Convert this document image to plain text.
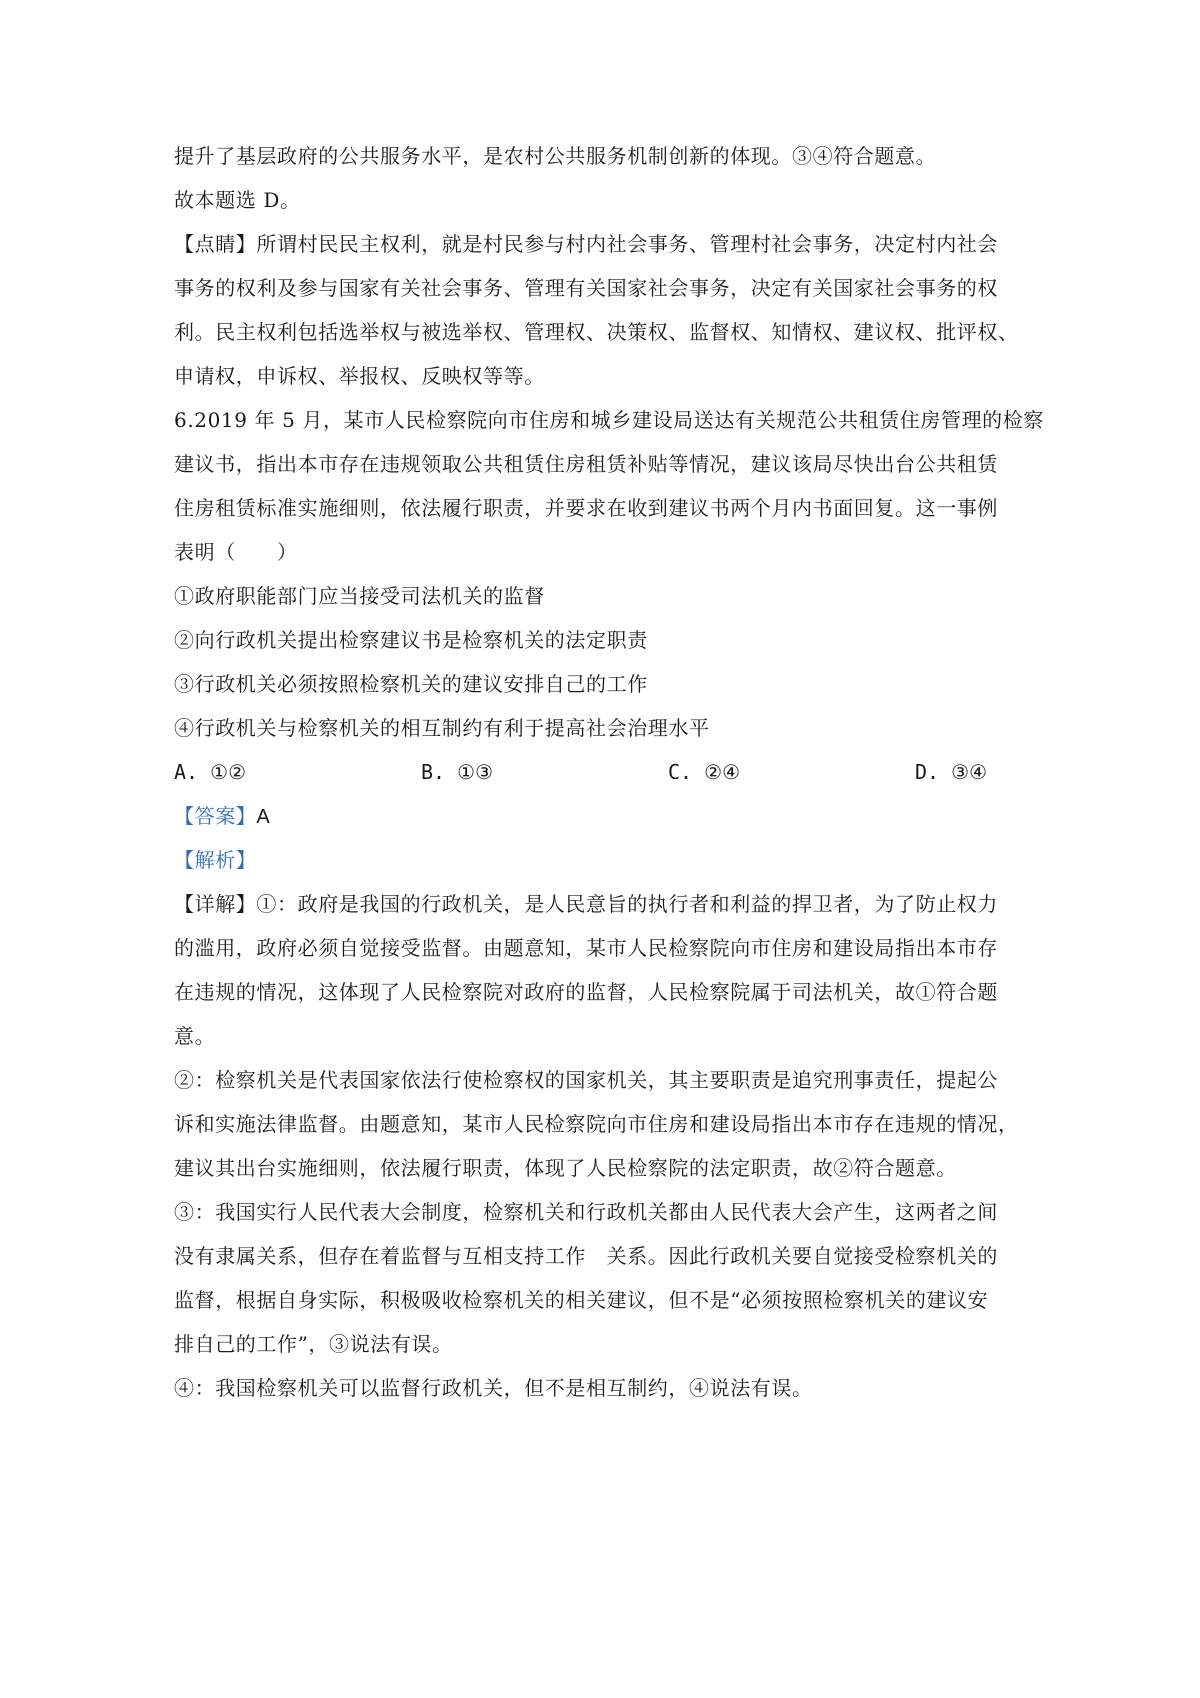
提升了基层政府的公共服务水平，是农村公共服务机制创新的体现。③④符合题意。
故本题选 D。
【点睛】所谓村民民主权利，就是村民参与村内社会事务、管理村社会事务，决定村内社会
事务的权利及参与国家有关社会事务、管理有关国家社会事务，决定有关国家社会事务的权
利。民主权利包括选举权与被选举权、管理权、决策权、监督权、知情权、建议权、批评权、
申请权，申诉权、举报权、反映权等等。
6.2019 年 5 月，某市人民检察院向市住房和城乡建设局送达有关规范公共租赁住房管理的检察
建议书，指出本市存在违规领取公共租赁住房租赁补贴等情况，建议该局尽快出台公共租赁
住房租赁标准实施细则，依法履行职责，并要求在收到建议书两个月内书面回复。这一事例
表明（　　）
①政府职能部门应当接受司法机关的监督
②向行政机关提出检察建议书是检察机关的法定职责
③行政机关必须按照检察机关的建议安排自己的工作
④行政机关与检察机关的相互制约有利于提高社会治理水平
A. ①②	B. ①③	C. ②④	D. ③④
【答案】A
【解析】
【详解】①：政府是我国的行政机关，是人民意旨的执行者和利益的捍卫者，为了防止权力
的滥用，政府必须自觉接受监督。由题意知，某市人民检察院向市住房和建设局指出本市存
在违规的情况，这体现了人民检察院对政府的监督，人民检察院属于司法机关，故①符合题
意。
②：检察机关是代表国家依法行使检察权的国家机关，其主要职责是追究刑事责任，提起公
诉和实施法律监督。由题意知，某市人民检察院向市住房和建设局指出本市存在违规的情况，
建议其出台实施细则，依法履行职责，体现了人民检察院的法定职责，故②符合题意。
③：我国实行人民代表大会制度，检察机关和行政机关都由人民代表大会产生，这两者之间
没有隶属关系，但存在着监督与互相支持工作　关系。因此行政机关要自觉接受检察机关的
监督，根据自身实际，积极吸收检察机关的相关建议，但不是“必须按照检察机关的建议安
排自己的工作”，③说法有误。
④：我国检察机关可以监督行政机关，但不是相互制约，④说法有误。
